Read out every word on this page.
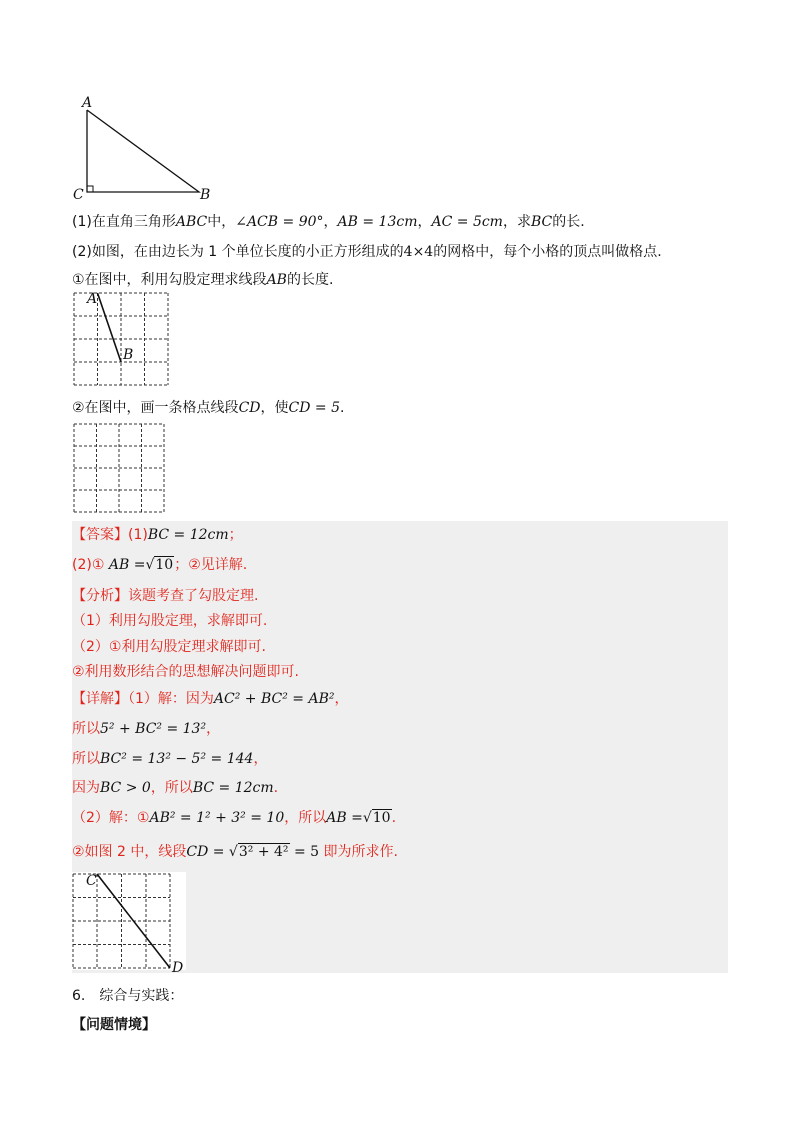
A
C	B
(1)在直角三角形ABC中，∠ACB = 90°，AB = 13cm，AC = 5cm，求BC的长.
(2)如图，在由边长为 1 个单位长度的小正方形组成的4×4的网格中，每个小格的顶点叫做格点.
①在图中，利用勾股定理求线段AB的长度.
A
B
②在图中，画一条格点线段CD，使CD = 5.
【答案】(1)BC = 12cm；
(2)① AB =√10；②见详解.
【分析】该题考查了勾股定理.
（1）利用勾股定理，求解即可.
（2）①利用勾股定理求解即可.
②利用数形结合的思想解决问题即可.
【详解】（1）解：因为AC² + BC² = AB²，
所以5² + BC² = 13²，
所以BC² = 13² − 5² = 144，
因为BC > 0，所以BC = 12cm.
（2）解：①AB² = 1² + 3² = 10，所以AB =√10.
②如图 2 中，线段CD = √3² + 4² = 5 即为所求作.
C
D
6.　综合与实践：
【问题情境】
